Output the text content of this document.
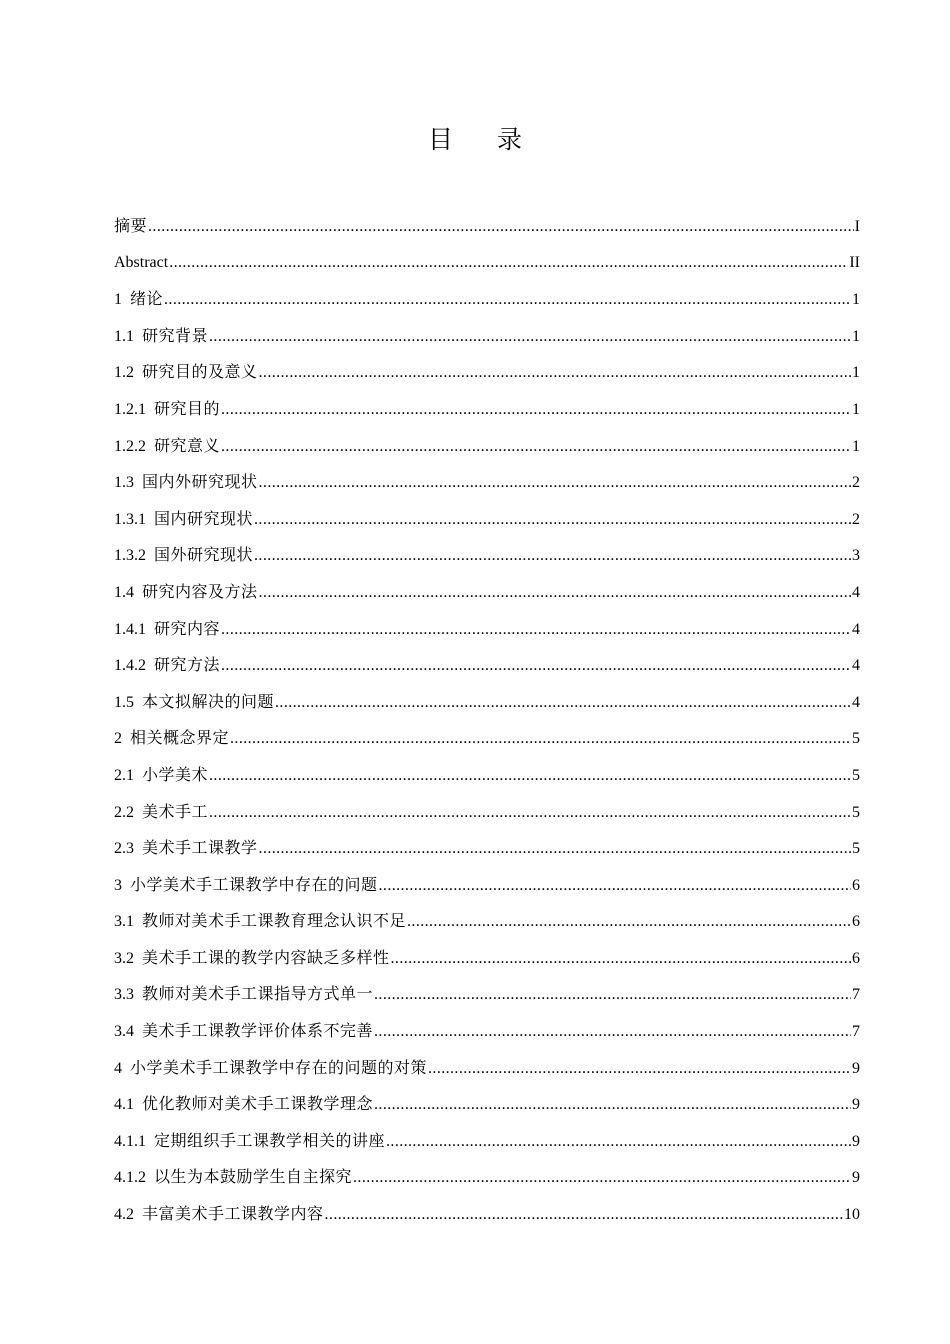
目 录
摘要 .....	I
Abstract .....	II
1 绪论 .....	1
1.1 研究背景 .....	1
1.2 研究目的及意义 .....	1
1.2.1 研究目的 .....	1
1.2.2 研究意义 .....	1
1.3 国内外研究现状 .....	2
1.3.1 国内研究现状 .....	2
1.3.2 国外研究现状 .....	3
1.4 研究内容及方法 .....	4
1.4.1 研究内容 .....	4
1.4.2 研究方法 .....	4
1.5 本文拟解决的问题 .....	4
2 相关概念界定 .....	5
2.1 小学美术 .....	5
2.2 美术手工 .....	5
2.3 美术手工课教学 .....	5
3 小学美术手工课教学中存在的问题 .....	6
3.1 教师对美术手工课教育理念认识不足 .....	6
3.2 美术手工课的教学内容缺乏多样性 .....	6
3.3 教师对美术手工课指导方式单一 .....	7
3.4 美术手工课教学评价体系不完善 .....	7
4 小学美术手工课教学中存在的问题的对策 .....	9
4.1 优化教师对美术手工课教学理念 .....	9
4.1.1 定期组织手工课教学相关的讲座 .....	9
4.1.2 以生为本鼓励学生自主探究 .....	9
4.2 丰富美术手工课教学内容 .....	10
